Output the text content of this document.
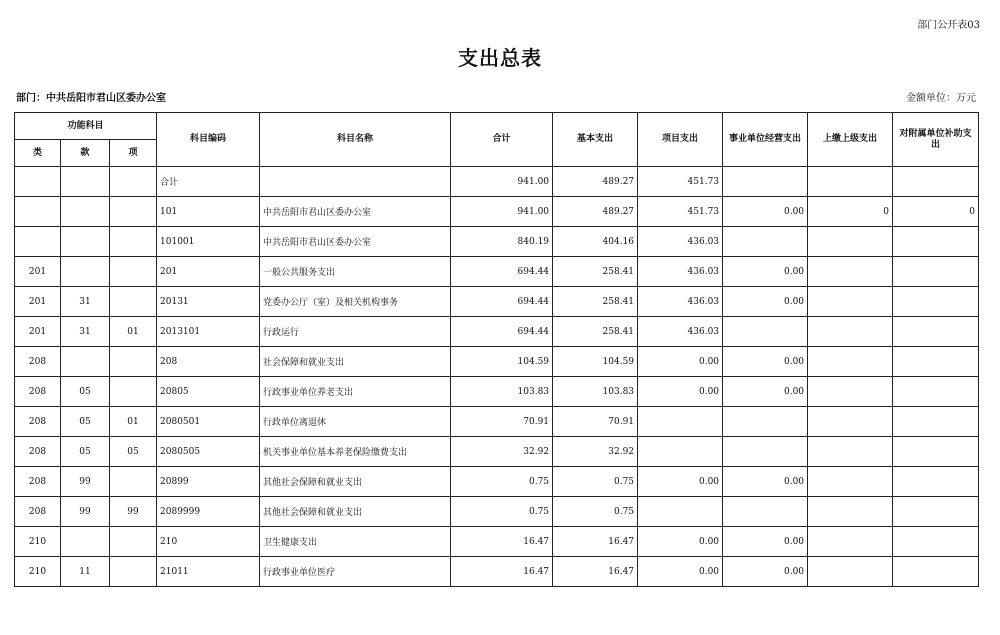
部门公开表03
支出总表
部门：中共岳阳市君山区委办公室	金额单位：万元
功能科目			科目编码	科目名称	合计	基本支出	项目支出	事业单位经营支出	上缴上级支出	对附属单位补助支出
类	款	项								
			合计		941.00	489.27	451.73			
			101	中共岳阳市君山区委办公室	941.00	489.27	451.73	0.00	0	0
			101001	中共岳阳市君山区委办公室	840.19	404.16	436.03			
201			201	一般公共服务支出	694.44	258.41	436.03	0.00		
201	31		20131	党委办公厅（室）及相关机构事务	694.44	258.41	436.03	0.00		
201	31	01	2013101	行政运行	694.44	258.41	436.03			
208			208	社会保障和就业支出	104.59	104.59	0.00	0.00		
208	05		20805	行政事业单位养老支出	103.83	103.83	0.00	0.00		
208	05	01	2080501	行政单位离退休	70.91	70.91				
208	05	05	2080505	机关事业单位基本养老保险缴费支出	32.92	32.92				
208	99		20899	其他社会保障和就业支出	0.75	0.75	0.00	0.00		
208	99	99	2089999	其他社会保障和就业支出	0.75	0.75				
210			210	卫生健康支出	16.47	16.47	0.00	0.00		
210	11		21011	行政事业单位医疗	16.47	16.47	0.00	0.00		
